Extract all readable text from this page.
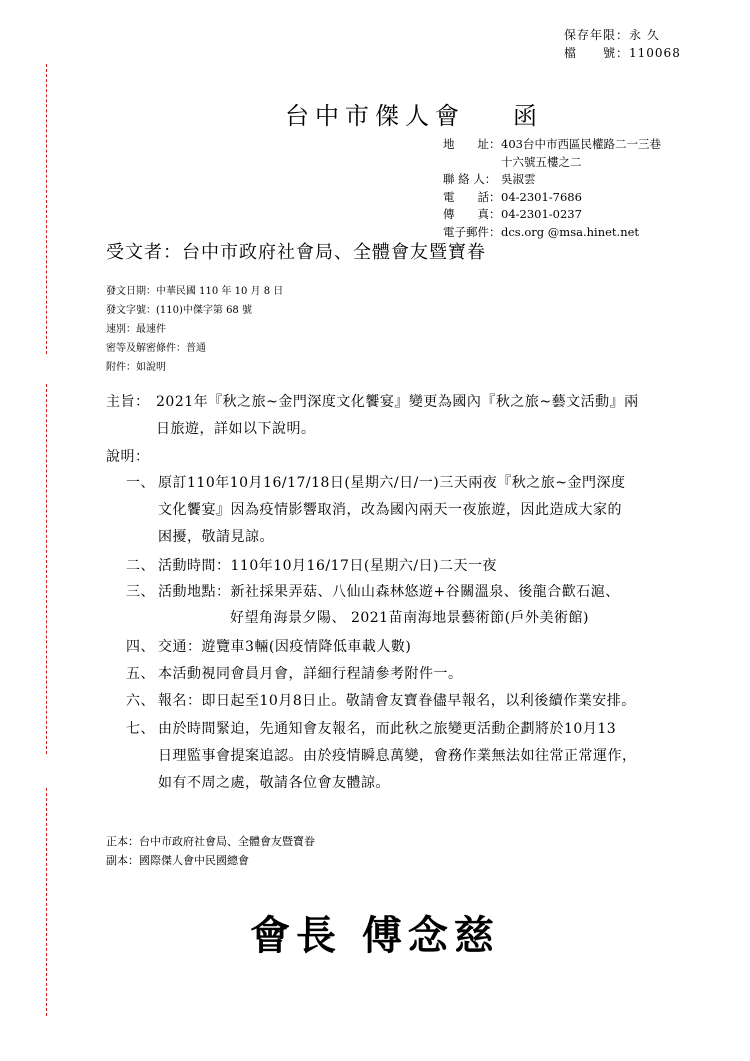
保存年限：永 久
檔　　號：110068
台中市傑人會 函
地　　址：403台中市西區民權路二一三巷
十六號五樓之二
聯 絡 人： 吳淑雲
電　　話：04-2301-7686
傳　　真：04-2301-0237
電子郵件：dcs.org @msa.hinet.net
受文者：台中市政府社會局、全體會友暨寶眷
發文日期：中華民國 110 年 10 月 8 日
發文字號：(110)中傑字第 68 號
速別：最速件
密等及解密條件：普通
附件：如說明
主旨： 2021年『秋之旅~金門深度文化饗宴』變更為國內『秋之旅~藝文活動』兩
日旅遊，詳如以下說明。
說明：
一、 原訂110年10月16/17/18日(星期六/日/一)三天兩夜『秋之旅~金門深度
文化饗宴』因為疫情影響取消，改為國內兩天一夜旅遊，因此造成大家的
困擾，敬請見諒。
二、 活動時間：110年10月16/17日(星期六/日)二天一夜
三、 活動地點：新社採果弄菇、八仙山森林悠遊+谷關溫泉、後龍合歡石滬、
好望角海景夕陽、 2021苗南海地景藝術節(戶外美術館)
四、 交通：遊覽車3輛(因疫情降低車載人數)
五、 本活動視同會員月會，詳細行程請參考附件一。
六、 報名：即日起至10月8日止。敬請會友寶眷儘早報名，以利後續作業安排。
七、 由於時間緊迫，先通知會友報名，而此秋之旅變更活動企劃將於10月13
日理監事會提案追認。由於疫情瞬息萬變，會務作業無法如往常正常運作，
如有不周之處，敬請各位會友體諒。
正本：台中市政府社會局、全體會友暨寶眷
副本：國際傑人會中民國總會
會長 傅念慈
